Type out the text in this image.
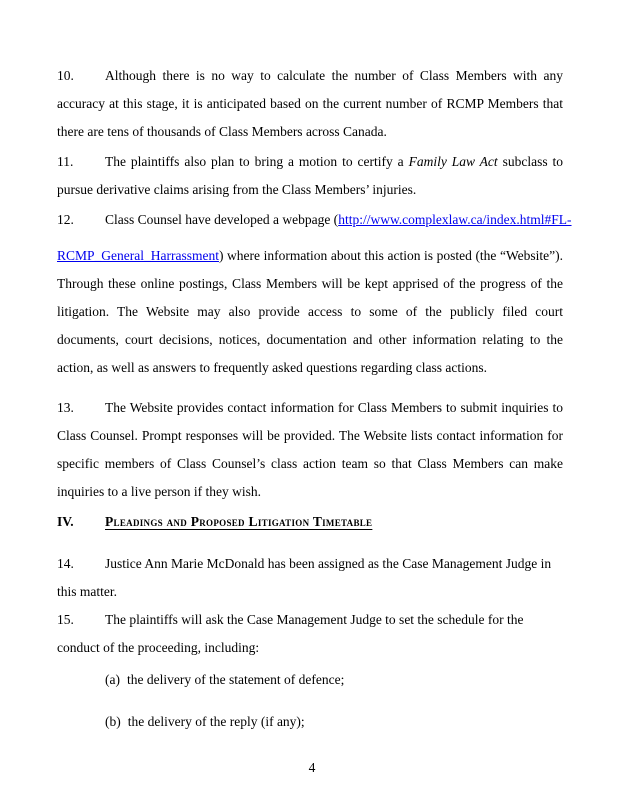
10. Although there is no way to calculate the number of Class Members with any accuracy at this stage, it is anticipated based on the current number of RCMP Members that there are tens of thousands of Class Members across Canada.

11. The plaintiffs also plan to bring a motion to certify a Family Law Act subclass to pursue derivative claims arising from the Class Members’ injuries.

12. Class Counsel have developed a webpage (http://www.complexlaw.ca/index.html#FL-

RCMP_General_Harrassment) where information about this action is posted (the “Website”). Through these online postings, Class Members will be kept apprised of the progress of the litigation. The Website may also provide access to some of the publicly filed court documents, court decisions, notices, documentation and other information relating to the action, as well as answers to frequently asked questions regarding class actions.

13. The Website provides contact information for Class Members to submit inquiries to Class Counsel. Prompt responses will be provided. The Website lists contact information for specific members of Class Counsel’s class action team so that Class Members can make inquiries to a live person if they wish.

IV. Pleadings and Proposed Litigation Timetable

14. Justice Ann Marie McDonald has been assigned as the Case Management Judge in this matter.

15. The plaintiffs will ask the Case Management Judge to set the schedule for the conduct of the proceeding, including:

(a) the delivery of the statement of defence;

(b) the delivery of the reply (if any);

4
